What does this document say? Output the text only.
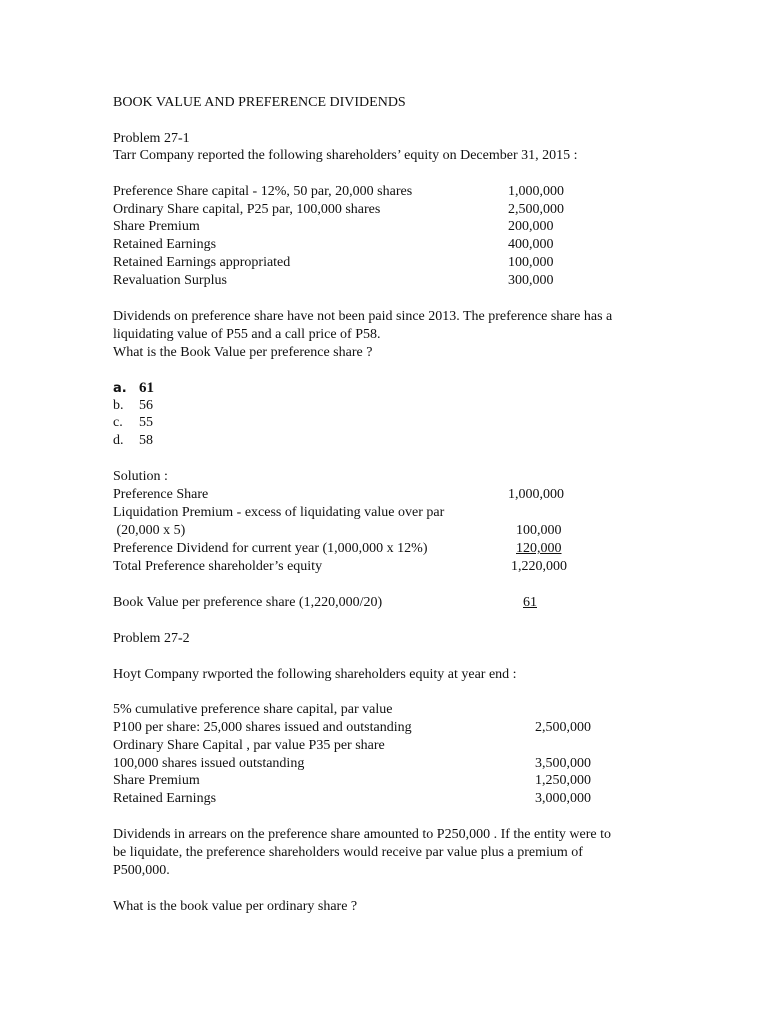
BOOK VALUE AND PREFERENCE DIVIDENDS
Problem 27-1
Tarr Company reported the following shareholders’ equity on December 31, 2015 :
Preference Share capital - 12%, 50 par, 20,000 shares	1,000,000
Ordinary Share capital, P25 par, 100,000 shares	2,500,000
Share Premium	200,000
Retained Earnings	400,000
Retained Earnings appropriated	100,000
Revaluation Surplus	300,000
Dividends on preference share have not been paid since 2013. The preference share has a
liquidating value of P55 and a call price of P58.
What is the Book Value per preference share ?
a. 61
b. 56
c. 55
d. 58
Solution :
Preference Share	1,000,000
Liquidation Premium - excess of liquidating value over par
(20,000 x 5)	100,000
Preference Dividend for current year (1,000,000 x 12%)	120,000
Total Preference shareholder’s equity	1,220,000
Book Value per preference share (1,220,000/20)	61
Problem 27-2
Hoyt Company rwported the following shareholders equity at year end :
5% cumulative preference share capital, par value
P100 per share: 25,000 shares issued and outstanding	2,500,000
Ordinary Share Capital , par value P35 per share
100,000 shares issued outstanding	3,500,000
Share Premium	1,250,000
Retained Earnings	3,000,000
Dividends in arrears on the preference share amounted to P250,000 . If the entity were to
be liquidate, the preference shareholders would receive par value plus a premium of
P500,000.
What is the book value per ordinary share ?
